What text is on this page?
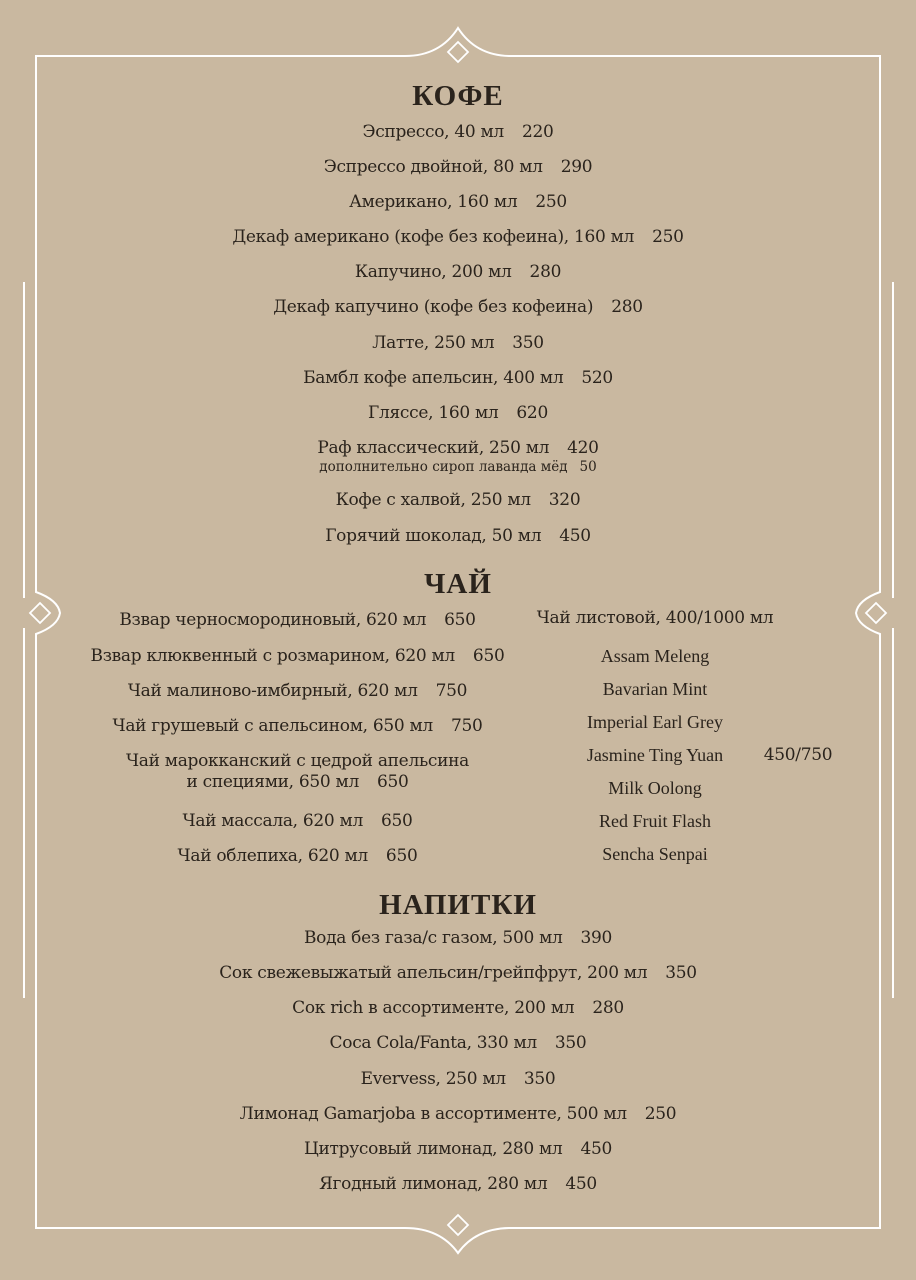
КОФЕ
Эспрессо, 40 мл 220
Эспрессо двойной, 80 мл 290
Американо, 160 мл 250
Декаф американо (кофе без кофеина), 160 мл 250
Капучино, 200 мл 280
Декаф капучино (кофе без кофеина) 280
Латте, 250 мл 350
Бамбл кофе апельсин, 400 мл 520
Гляссе, 160 мл 620
Раф классический, 250 мл 420
дополнительно сироп лаванда мёд 50
Кофе с халвой, 250 мл 320
Горячий шоколад, 50 мл 450
ЧАЙ
Взвар черносмородиновый, 620 мл 650
Взвар клюквенный с розмарином, 620 мл 650
Чай малиново-имбирный, 620 мл 750
Чай грушевый с апельсином, 650 мл 750
Чай марокканский с цедрой апельсина
и специями, 650 мл 650
Чай массала, 620 мл 650
Чай облепиха, 620 мл 650
Чай листовой, 400/1000 мл
Assam Meleng
Bavarian Mint
Imperial Earl Grey
Jasmine Ting Yuan	450/750
Milk Oolong
Red Fruit Flash
Sencha Senpai
НАПИТКИ
Вода без газа/с газом, 500 мл 390
Сок свежевыжатый апельсин/грейпфрут, 200 мл 350
Сок rich в ассортименте, 200 мл 280
Coca Cola/Fanta, 330 мл 350
Evervess, 250 мл 350
Лимонад Gamarjoba в ассортименте, 500 мл 250
Цитрусовый лимонад, 280 мл 450
Ягодный лимонад, 280 мл 450
